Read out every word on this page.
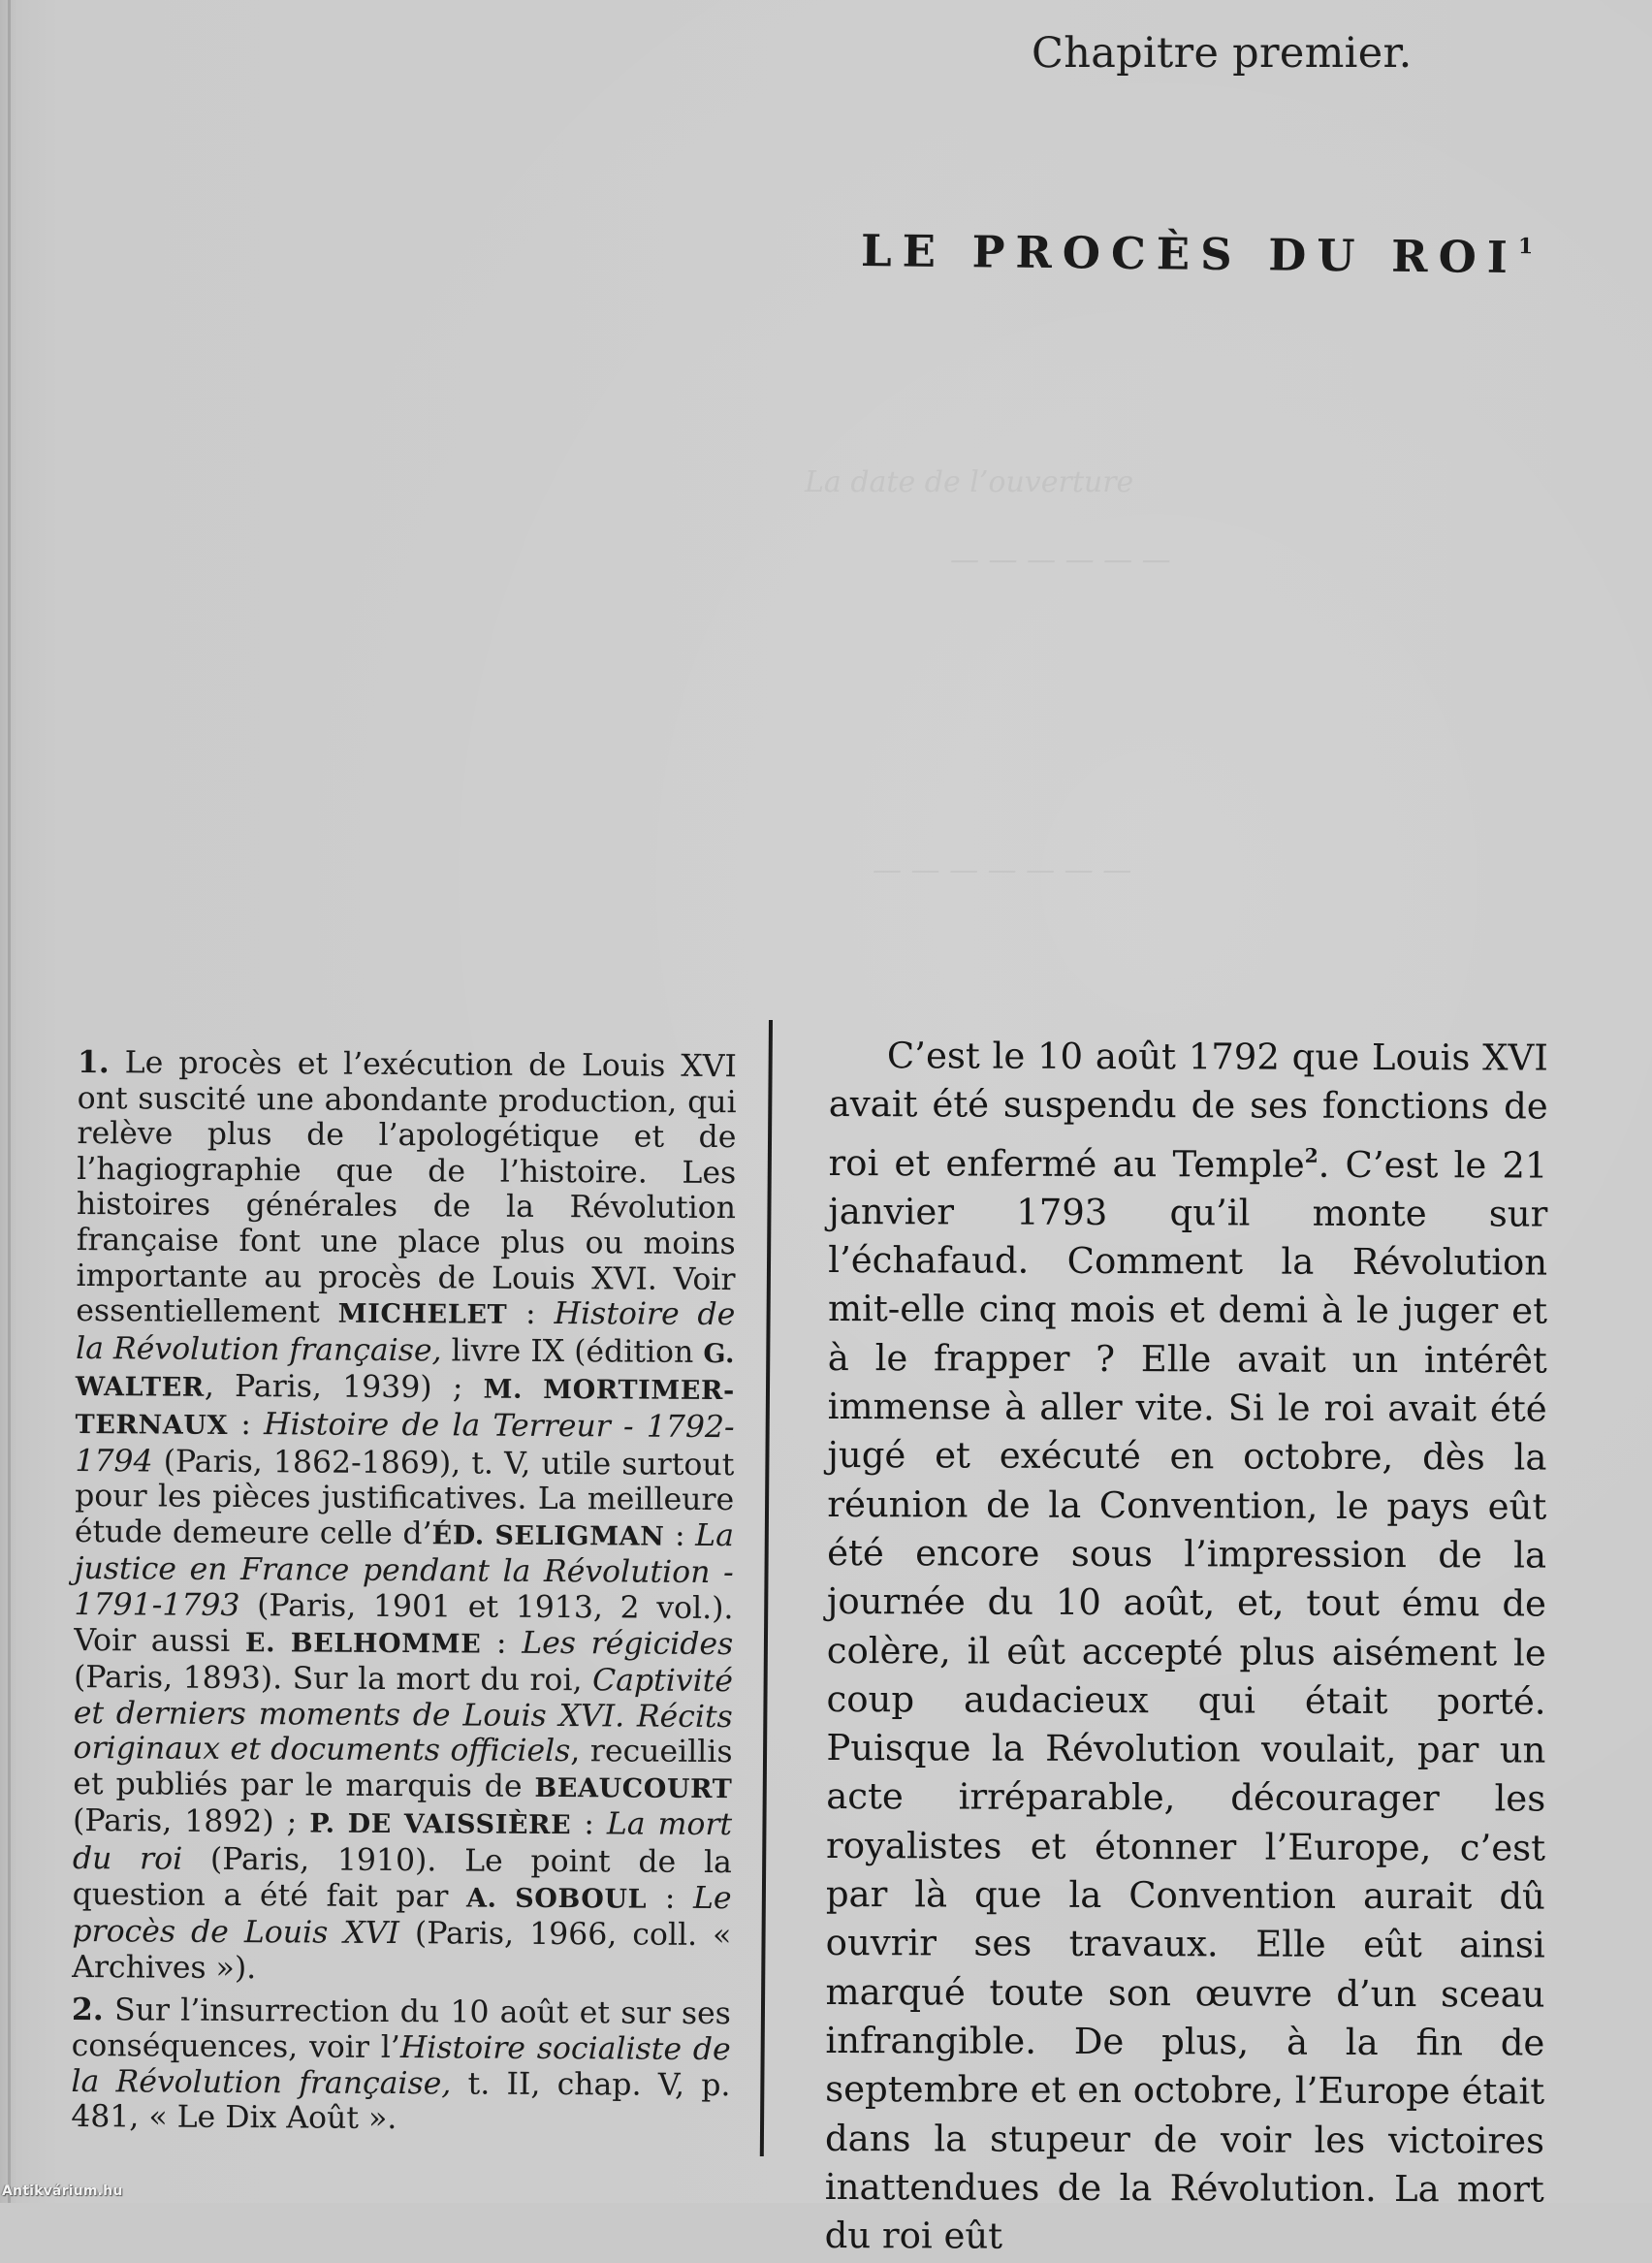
La date de l’ouverture
— — — — — —
— — — — — — —
Chapitre premier.
LE PROCÈS DU ROI$^1$
1. Le procès et l’exécution de Louis XVI ont suscité une abondante production, qui relève plus de l’apologétique et de l’hagiographie que de l’histoire. Les histoires générales de la Révolution française font une place plus ou moins importante au procès de Louis XVI. Voir essentiellement MICHELET : Histoire de la Révolution française, livre IX (édition G. WALTER, Paris, 1939) ; M. MORTIMER-TERNAUX : Histoire de la Terreur - 1792-1794 (Paris, 1862-1869), t. V, utile surtout pour les pièces justificatives. La meilleure étude demeure celle d’ÉD. SELIGMAN : La justice en France pendant la Révolution - 1791-1793 (Paris, 1901 et 1913, 2 vol.). Voir aussi E. BELHOMME : Les régicides (Paris, 1893). Sur la mort du roi, Captivité et derniers moments de Louis XVI. Récits originaux et documents officiels, recueillis et publiés par le marquis de BEAUCOURT (Paris, 1892) ; P. DE VAISSIÈRE : La mort du roi (Paris, 1910). Le point de la question a été fait par A. SOBOUL : Le procès de Louis XVI (Paris, 1966, coll. « Archives »).
2. Sur l’insurrection du 10 août et sur ses conséquences, voir l’Histoire socialiste de la Révolution française, t. II, chap. V, p. 481, « Le Dix Août ».

C’est le 10 août 1792 que Louis XVI avait été suspendu de ses fonctions de roi et enfermé au Temple$^2$. C’est le 21 janvier 1793 qu’il monte sur l’échafaud. Comment la Révolution mit-elle cinq mois et demi à le juger et à le frapper ? Elle avait un intérêt immense à aller vite. Si le roi avait été jugé et exécuté en octobre, dès la réunion de la Convention, le pays eût été encore sous l’impression de la journée du 10 août, et, tout ému de colère, il eût accepté plus aisément le coup audacieux qui était porté. Puisque la Révolution voulait, par un acte irréparable, décourager les royalistes et étonner l’Europe, c’est par là que la Convention aurait dû ouvrir ses travaux. Elle eût ainsi marqué toute son œuvre d’un sceau infrangible. De plus, à la fin de septembre et en octobre, l’Europe était dans la stupeur de voir les victoires inattendues de la Révolution. La mort du roi eût

Antikvárium.hu
